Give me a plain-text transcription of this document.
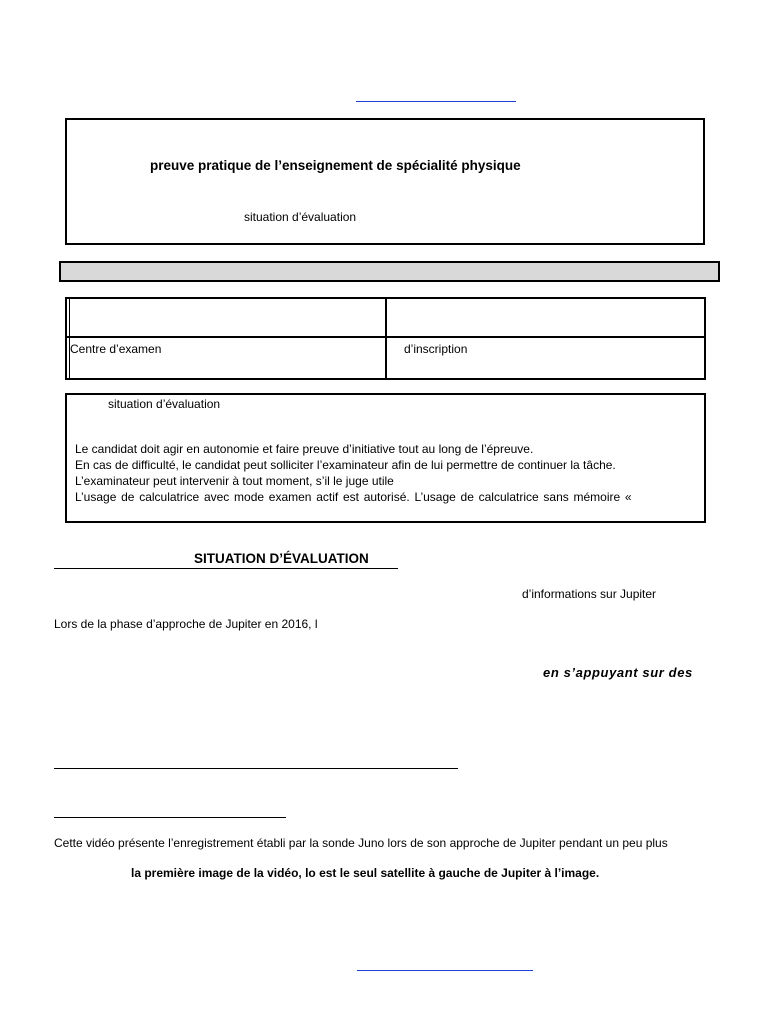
preuve pratique de l’enseignement de spécialité physique
situation d’évaluation
Centre d’examen	d’inscription
situation d’évaluation
Le candidat doit agir en autonomie et faire preuve d’initiative tout au long de l’épreuve.
En cas de difficulté, le candidat peut solliciter l’examinateur afin de lui permettre de continuer la tâche.
L’examinateur peut intervenir à tout moment, s’il le juge utile
L’usage de calculatrice avec mode examen actif est autorisé. L’usage de calculatrice sans mémoire «
SITUATION D’ÉVALUATION
d’informations sur Jupiter
Lors de la phase d’approche de Jupiter en 2016, l
en s’appuyant sur des
Cette vidéo présente l’enregistrement établi par la sonde Juno lors de son approche de Jupiter pendant un peu plus
la première image de la vidéo, lo est le seul satellite à gauche de Jupiter à l’image.
